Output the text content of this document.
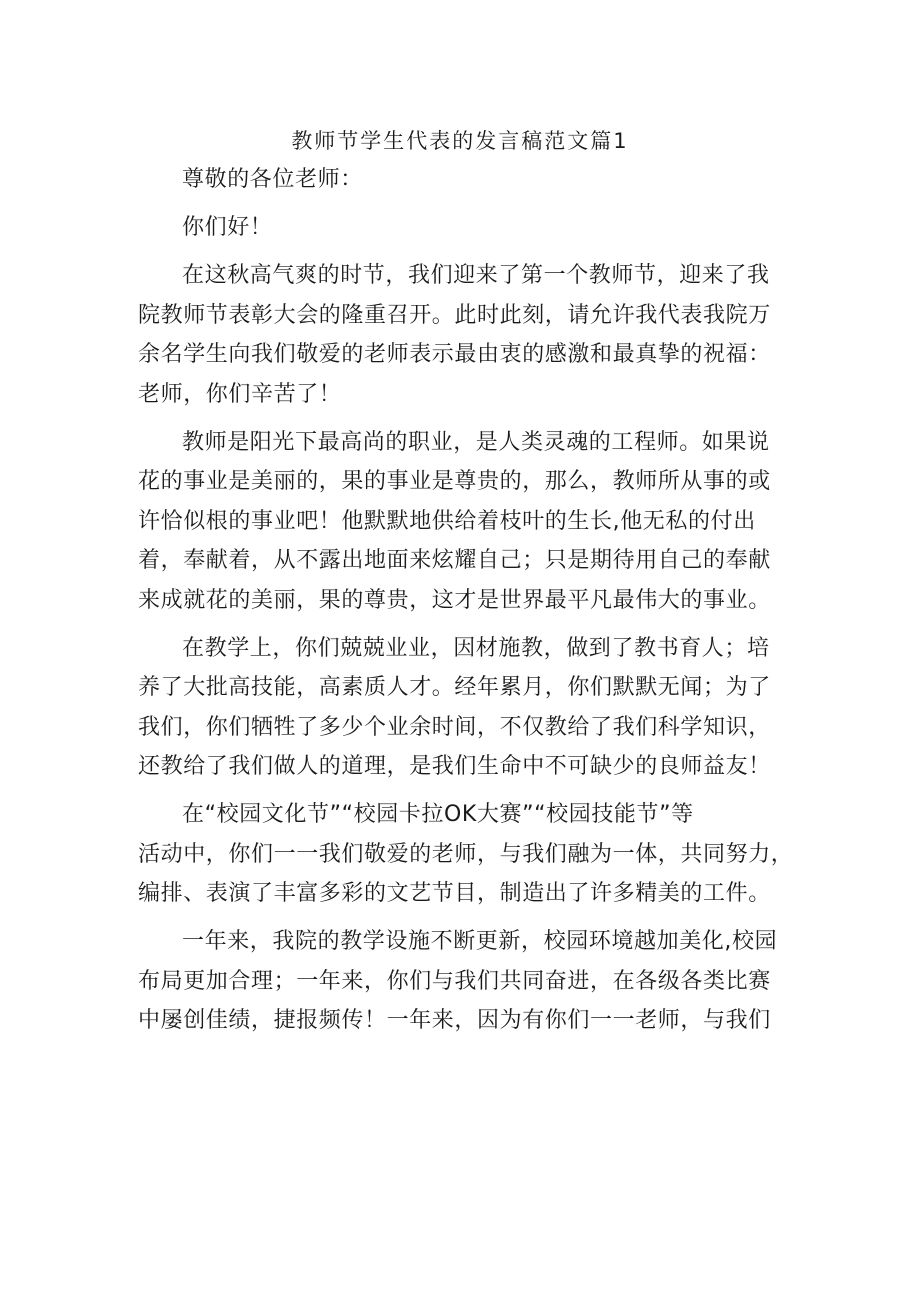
教师节学生代表的发言稿范文篇1

尊敬的各位老师：

你们好！

在这秋高气爽的时节，我们迎来了第一个教师节，迎来了我
院教师节表彰大会的隆重召开。此时此刻，请允许我代表我院万
余名学生向我们敬爱的老师表示最由衷的感激和最真挚的祝福：
老师，你们辛苦了！

教师是阳光下最高尚的职业，是人类灵魂的工程师。如果说
花的事业是美丽的，果的事业是尊贵的，那么，教师所从事的或
许恰似根的事业吧！他默默地供给着枝叶的生长,他无私的付出
着，奉献着，从不露出地面来炫耀自己；只是期待用自己的奉献
来成就花的美丽，果的尊贵，这才是世界最平凡最伟大的事业。

在教学上，你们兢兢业业，因材施教，做到了教书育人；培
养了大批高技能，高素质人才。经年累月，你们默默无闻；为了
我们，你们牺牲了多少个业余时间，不仅教给了我们科学知识，
还教给了我们做人的道理，是我们生命中不可缺少的良师益友！

在“校园文化节”“校园卡拉OK大赛”“校园技能节”等
活动中，你们一一我们敬爱的老师，与我们融为一体，共同努力，
编排、表演了丰富多彩的文艺节目，制造出了许多精美的工件。

一年来，我院的教学设施不断更新，校园环境越加美化,校园
布局更加合理；一年来，你们与我们共同奋进，在各级各类比赛
中屡创佳绩，捷报频传！一年来，因为有你们一一老师，与我们
